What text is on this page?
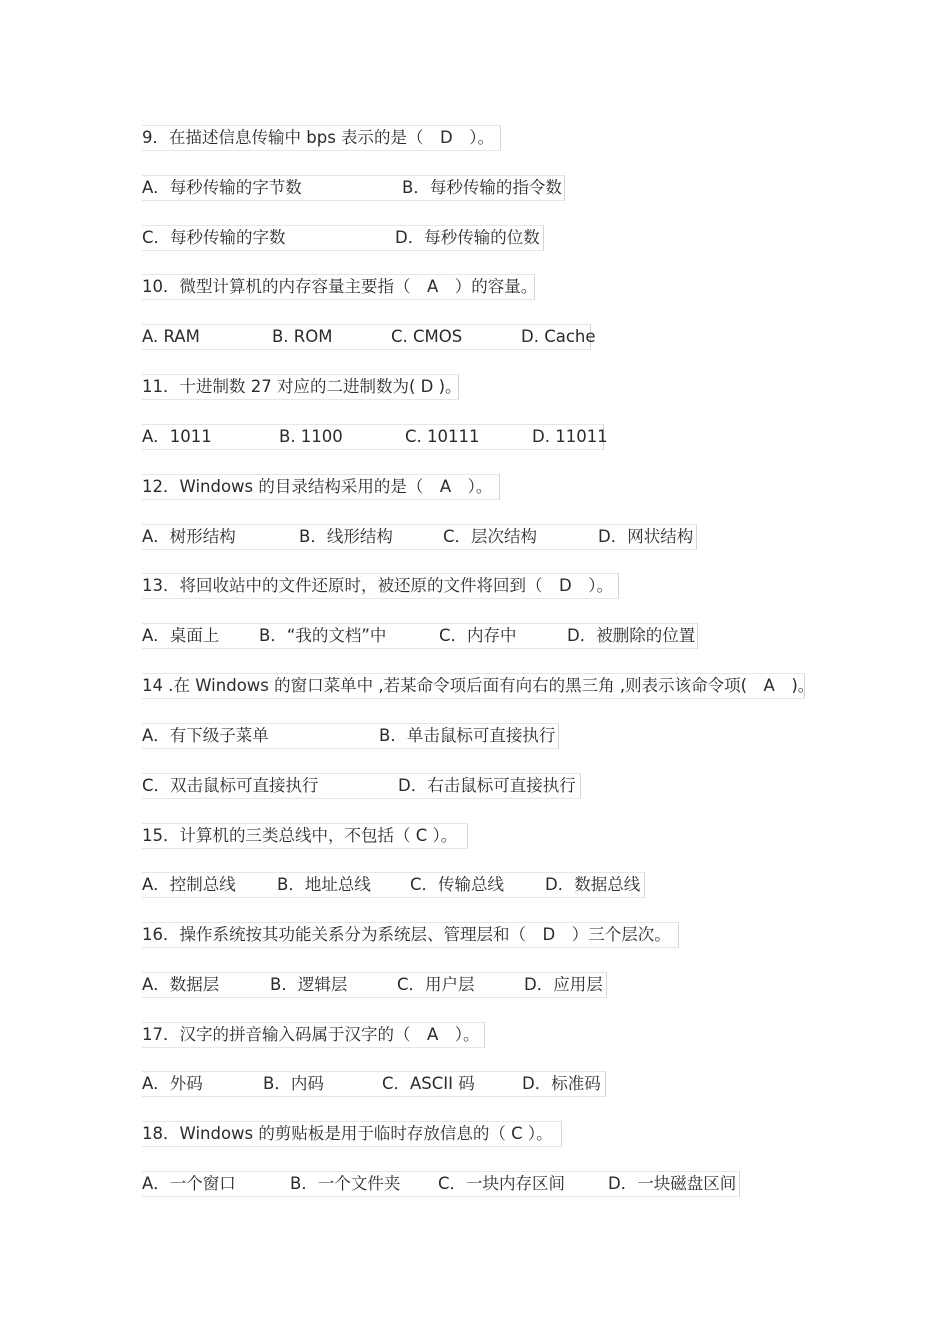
9．在描述信息传输中 bps 表示的是（　D　）。
A．每秒传输的字节数	B．每秒传输的指令数
C．每秒传输的字数	D．每秒传输的位数
10．微型计算机的内存容量主要指（　A　）的容量。
A. RAM	B. ROM	C. CMOS	D. Cache
11．十进制数 27 对应的二进制数为( D )。
A．1011	B. 1100	C. 10111	D. 11011
12．Windows 的目录结构采用的是（　A　）。
A．树形结构	B．线形结构	C．层次结构	D．网状结构
13．将回收站中的文件还原时，被还原的文件将回到（　D　）。
A．桌面上 B．“我的文档”中	C．内存中	D．被删除的位置
14 .在 Windows 的窗口菜单中 ,若某命令项后面有向右的黑三角 ,则表示该命令项(　A　)。
A．有下级子菜单	B．单击鼠标可直接执行
C．双击鼠标可直接执行	D．右击鼠标可直接执行
15．计算机的三类总线中，不包括（ C ）。
A．控制总线 B．地址总线 C．传输总线 D．数据总线
16．操作系统按其功能关系分为系统层、管理层和（　D　）三个层次。
A．数据层	B．逻辑层	C．用户层	D．应用层
17．汉字的拼音输入码属于汉字的（　A　）。
A．外码	B．内码	C．ASCII 码	D．标准码
18．Windows 的剪贴板是用于临时存放信息的（ C ）。
A．一个窗口	B．一个文件夹 C．一块内存区间	D．一块磁盘区间
